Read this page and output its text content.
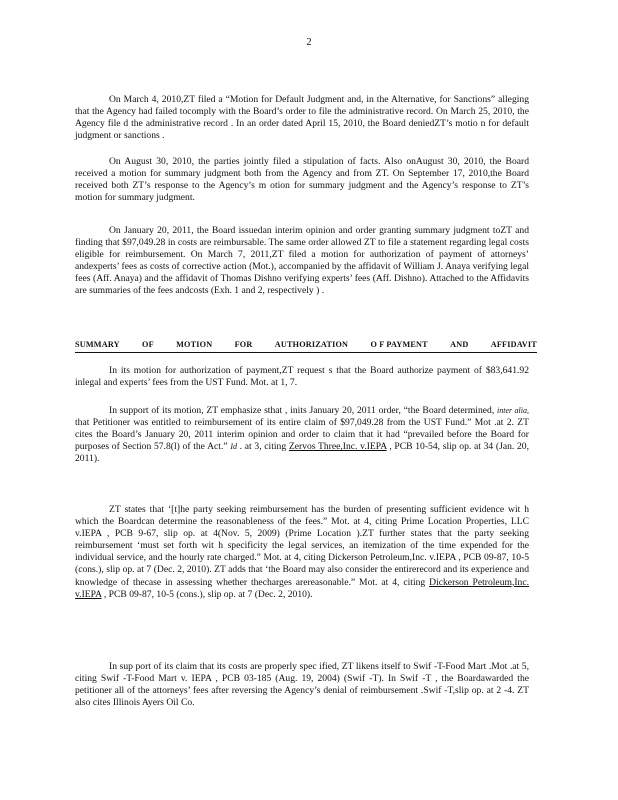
2

On March 4, 2010,ZT filed a “Motion for Default Judgment and, in the Alternative, for Sanctions” alleging that the Agency had failed tocomply with the Board’s order to file the administrative record. On March 25, 2010, the Agency file d the administrative record . In an order dated April 15, 2010, the Board deniedZT’s motio n for default judgment or sanctions .

On August 30, 2010, the parties jointly filed a stipulation of facts. Also onAugust 30, 2010, the Board received a motion for summary judgment both from the Agency and from ZT. On September 17, 2010,the Board received both ZT’s response to the Agency’s m otion for summary judgment and the Agency’s response to ZT’s motion for summary judgment.

On January 20, 2011, the Board issuedan interim opinion and order granting summary judgment toZT and finding that $97,049.28 in costs are reimbursable. The same order allowed ZT to file a statement regarding legal costs eligible for reimbursement. On March 7, 2011,ZT filed a motion for authorization of payment of attorneys’ andexperts’ fees as costs of corrective action (Mot.), accompanied by the affidavit of William J. Anaya verifying legal fees (Aff. Anaya) and the affidavit of Thomas Dishno verifying experts’ fees (Aff. Dishno). Attached to the Affidavits are summaries of the fees andcosts (Exh. 1 and 2, respectively ) .

SUMMARY	OF	MOTION	FOR	AUTHORIZATION	O F PAYMENT	AND	AFFIDAVIT

In its motion for authorization of payment,ZT request s that the Board authorize payment of $83,641.92 inlegal and experts’ fees from the UST Fund. Mot. at 1, 7.

In support of its motion, ZT emphasize sthat , inits January 20, 2011 order, “the Board determined, inter alia, that Petitioner was entitled to reimbursement of its entire claim of $97,049.28 from the UST Fund.” Mot .at 2. ZT cites the Board’s January 20, 2011 interim opinion and order to claim that it had “prevailed before the Board for purposes of Section 57.8(l) of the Act.” Id . at 3, citing Zervos Three,Inc. v.IEPA , PCB 10-54, slip op. at 34 (Jan. 20, 2011).

ZT states that ‘[t]he party seeking reimbursement has the burden of presenting sufficient evidence wit h which the Boardcan determine the reasonableness of the fees.” Mot. at 4, citing Prime Location Properties, LLC v.IEPA , PCB 9-67, slip op. at 4(Nov. 5, 2009) (Prime Location ).ZT further states that the party seeking reimbursement ‘must set forth wit h specificity the legal services, an itemization of the time expended for the individual service, and the hourly rate charged.” Mot. at 4, citing Dickerson Petroleum,Inc. v.IEPA , PCB 09-87, 10-5 (cons.), slip op. at 7 (Dec. 2, 2010). ZT adds that ‘the Board may also consider the entirerecord and its experience and knowledge of thecase in assessing whether thecharges arereasonable.” Mot. at 4, citing Dickerson Petroleum,Inc. v.IEPA , PCB 09-87, 10-5 (cons.), slip op. at 7 (Dec. 2, 2010).

In sup port of its claim that its costs are properly spec ified, ZT likens itself to Swif -T-Food Mart .Mot .at 5, citing Swif -T-Food Mart v. IEPA , PCB 03-185 (Aug. 19, 2004) (Swif -T). In Swif -T , the Boardawarded the petitioner all of the attorneys’ fees after reversing the Agency’s denial of reimbursement .Swif -T,slip op. at 2 -4. ZT also cites Illinois Ayers Oil Co.
